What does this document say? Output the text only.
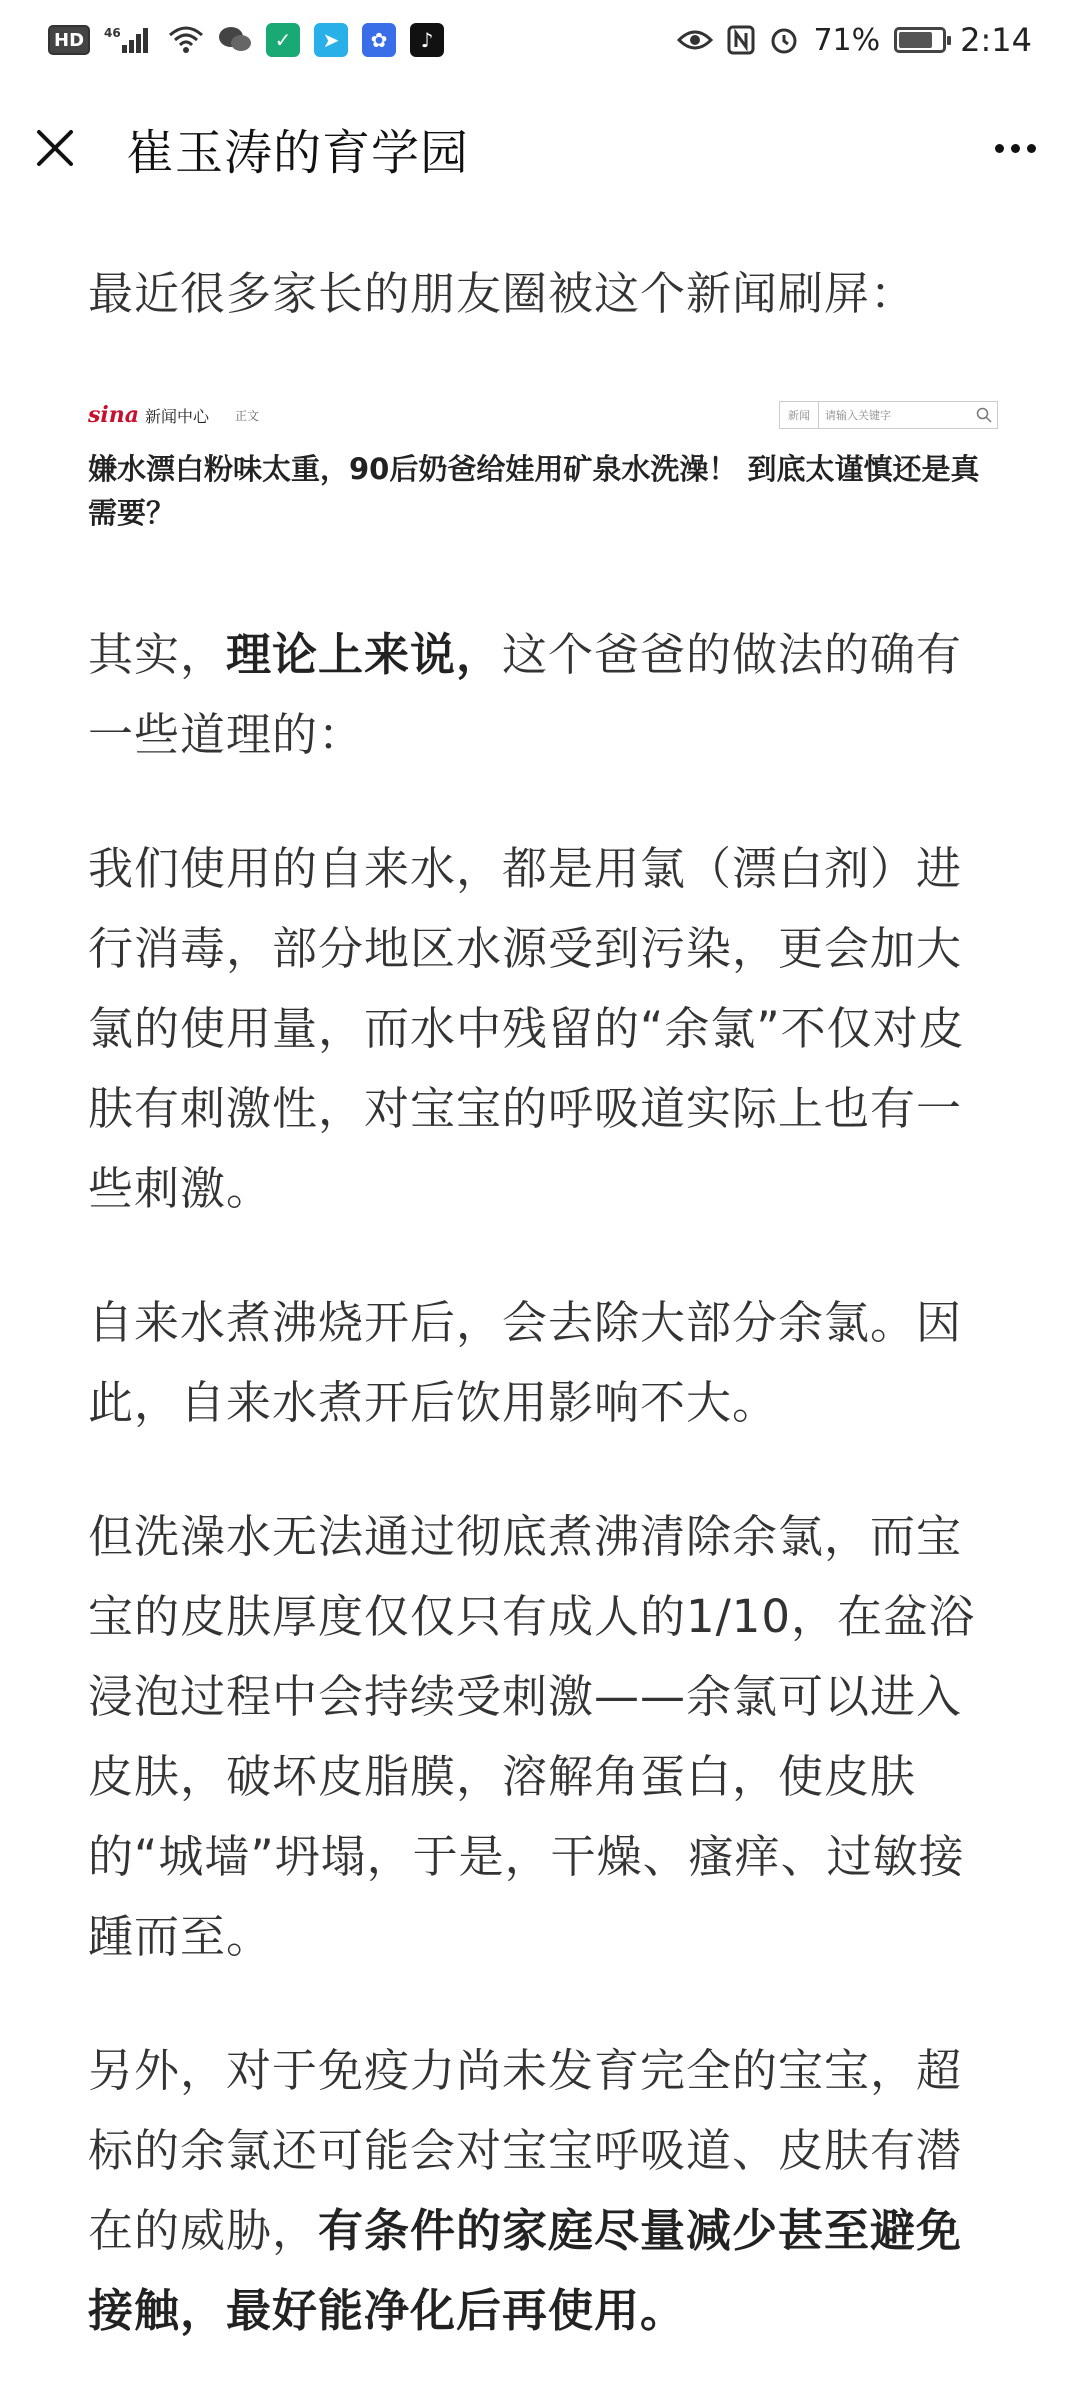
HD	46	✓	➤	✿	♪	71%	2:14
崔玉涛的育学园

最近很多家长的朋友圈被这个新闻刷屏：

sina 新闻中心 正文	新闻	请输入关键字
嫌水漂白粉味太重，90后奶爸给娃用矿泉水洗澡！ 到底太谨慎还是真需要？

其实，理论上来说，这个爸爸的做法的确有一些道理的：

我们使用的自来水，都是用氯（漂白剂）进行消毒，部分地区水源受到污染，更会加大氯的使用量，而水中残留的“余氯”不仅对皮肤有刺激性，对宝宝的呼吸道实际上也有一些刺激。

自来水煮沸烧开后，会去除大部分余氯。因此，自来水煮开后饮用影响不大。

但洗澡水无法通过彻底煮沸清除余氯，而宝宝的皮肤厚度仅仅只有成人的1/10，在盆浴浸泡过程中会持续受刺激——余氯可以进入皮肤，破坏皮脂膜，溶解角蛋白，使皮肤的“城墙”坍塌，于是，干燥、瘙痒、过敏接踵而至。

另外，对于免疫力尚未发育完全的宝宝，超标的余氯还可能会对宝宝呼吸道、皮肤有潜在的威胁，有条件的家庭尽量减少甚至避免接触，最好能净化后再使用。
